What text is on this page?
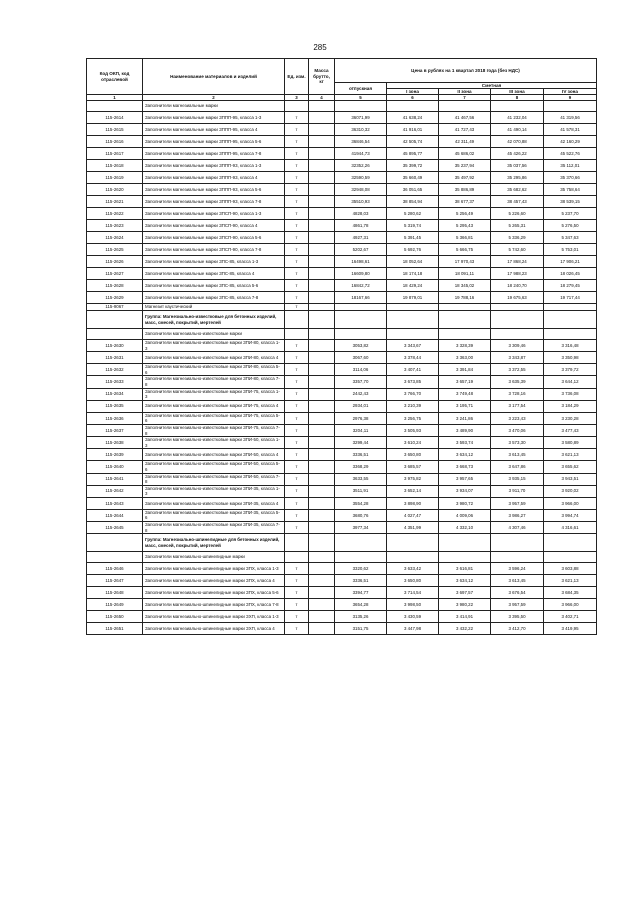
285
Код ОКП, код отраслевой	Наименование материалов и изделий	Ед. изм.	Масса брутто, кг	Цена в рублях на 1 квартал 2018 года (без НДС)				
				отпускная	Сметная			
					I зона	II зона	III зона	IV зона
1	2	3	4	5	6	7	8	9
	Заполнители магнезиальные марки							
115-2614	Заполнители магнезиальные марки ЗППП-95, класса 1-3	т		36071,99	41 638,24	41 467,56	41 232,04	41 319,56
115-2615	Заполнители магнезиальные марки ЗППП-95, класса 4	т		36310,32	41 916,01	41 727,43	41 490,14	41 578,31
115-2616	Заполнители магнезиальные марки ЗППП-95, класса 5-6	т		36846,54	42 505,74	42 311,49	42 070,88	42 160,29
115-2617	Заполнители магнезиальные марки ЗППП-95, класса 7-8	т		41944,73	45 895,77	45 686,02	45 426,22	45 522,76
115-2618	Заполнители магнезиальные марки ЗППП-93, класса 1-3	т		32352,26	35 399,72	35 237,94	35 037,56	35 112,01
115-2619	Заполнители магнезиальные марки ЗППП-93, класса 4	т		32590,59	35 660,49	35 497,92	35 295,86	35 370,66
115-2620	Заполнители магнезиальные марки ЗППП-93, класса 5-6	т		32948,08	36 051,65	35 886,89	35 682,62	35 758,64
115-2621	Заполнители магнезиальные марки ЗППП-93, класса 7-8	т		35510,93	38 854,94	38 677,37	38 457,43	38 539,15
115-2622	Заполнители магнезиальные марки ЗПСП-90, класса 1-3	т		4828,03	5 280,62	5 256,49	5 226,60	5 237,70
115-2623	Заполнители магнезиальные марки ЗПСП-90, класса 4	т		4861,78	5 319,74	5 295,43	5 265,31	5 276,50
115-2624	Заполнители магнезиальные марки ЗПСП-90, класса 5-6	т		4927,31	5 391,45	5 366,81	5 336,29	5 347,63
115-2625	Заполнители магнезиальные марки ЗПСП-90, класса 7-8	т		5202,67	5 692,76	5 666,75	5 742,60	5 753,01
115-2626	Заполнители магнезиальные марки ЗПС-85, класса 1-3	т		16498,61	18 052,64	17 970,43	17 868,24	17 906,21
115-2627	Заполнители магнезиальные марки ЗПС-85, класса 4	т		16609,80	18 174,18	18 091,11	17 988,23	18 026,45
115-2628	Заполнители магнезиальные марки ЗПС-85, класса 5-6	т		16842,72	18 429,24	18 345,02	18 240,70	18 279,45
115-2629	Заполнители магнезиальные марки ЗПС-85, класса 7-8	т		18167,66	19 879,01	19 788,16	19 675,63	19 717,44
115-9067	Магнезит каустический	т						
	Группа: Магнезиально-известковые для бетонных изделий, масс, смесей, покрытий, мертелей							
	Заполнители магнезиально-известковые марки							
115-2630	Заполнители магнезиально-известковые марки ЗПИ-80, класса 1-3	т		3053,82	3 343,67	3 328,39	3 309,46	3 316,48
115-2631	Заполнители магнезиально-известковые марки ЗПИ-80, класса 4	т		3067,60	3 378,44	3 363,00	3 343,87	3 350,98
115-2632	Заполнители магнезиально-известковые марки ЗПИ-80, класса 5-6	т		3114,06	3 407,41	3 391,84	3 372,55	3 379,72
115-2633	Заполнители магнезиально-известковые марки ЗПИ-80, класса 7-8	т		3357,70	3 673,85	3 657,19	3 635,39	3 644,12
115-2634	Заполнители магнезиально-известковые марки ЗПИ-75, класса 1-3	т		2442,43	3 766,70	3 749,48	3 728,16	3 736,08
115-2635	Заполнители магнезиально-известковые марки ЗПИ-75, класса 4	т		2934,01	3 210,39	3 195,71	3 177,54	3 184,29
115-2636	Заполнители магнезиально-известковые марки ЗПИ-75, класса 5-6	т		2976,38	3 256,75	3 241,86	3 223,43	3 230,28
115-2637	Заполнители магнезиально-известковые марки ЗПИ-75, класса 7-8	т		3204,11	3 505,93	3 489,90	3 470,06	3 477,43
115-2638	Заполнители магнезиально-известковые марки ЗПИ-50, класса 1-3	т		3299,44	3 610,24	3 593,74	3 573,30	3 580,89
115-2639	Заполнители магнезиально-известковые марки ЗПИ-50, класса 4	т		3336,51	3 650,80	3 634,12	3 613,45	3 621,13
115-2640	Заполнители магнезиально-известковые марки ЗПИ-50, класса 5-6	т		3368,29	3 685,57	3 668,73	3 647,86	3 655,62
115-2641	Заполнители магнезиально-известковые марки ЗПИ-50, класса 7-8	т		3633,55	3 975,82	3 957,65	3 935,15	3 943,51
115-2642	Заполнители магнезиально-известковые марки ЗПИ-35, класса 1-3	т		3511,91	3 652,14	3 934,07	3 911,70	3 920,02
115-2643	Заполнители магнезиально-известковые марки ЗПИ-35, класса 4	т		3554,28	3 898,90	3 980,72	3 957,59	3 966,00
115-2644	Заполнители магнезиально-известковые марки ЗПИ-35, класса 5-6	т		3680,76	4 027,47	4 009,06	3 986,27	3 994,74
115-2645	Заполнители магнезиально-известковые марки ЗПИ-35, класса 7-8	т		3977,34	4 351,99	4 332,10	4 307,46	4 316,61
	Группа: Магнезиально-шпинелидные для бетонных изделий, масс, смесей, покрытий, мертелей							
	Заполнители магнезиально-шпинелидные марки							
115-2646	Заполнители магнезиально-шпинелидные марки ЗПХ, класса 1-3	т		3320,62	3 633,42	3 616,81	3 596,24	3 603,88
115-2647	Заполнители магнезиально-шпинелидные марки ЗПХ, класса 4	т		3336,51	3 650,80	3 634,12	3 613,45	3 621,13
115-2648	Заполнители магнезиально-шпинелидные марки ЗПХ, класса 5-6	т		3394,77	3 714,54	3 697,57	3 676,54	3 684,35
115-2649	Заполнители магнезиально-шпинелидные марки ЗПХ, класса 7-8	т		3654,28	3 998,50	3 980,22	3 957,59	3 966,00
115-2650	Заполнители магнезиально-шпинелидные марки ЗХП, класса 1-3	т		3135,26	3 430,59	3 414,91	3 395,50	3 402,71
115-2651	Заполнители магнезиально-шпинелидные марки ЗХП, класса 4	т		3151,75	3 447,98	3 432,22	3 412,70	3 419,95
